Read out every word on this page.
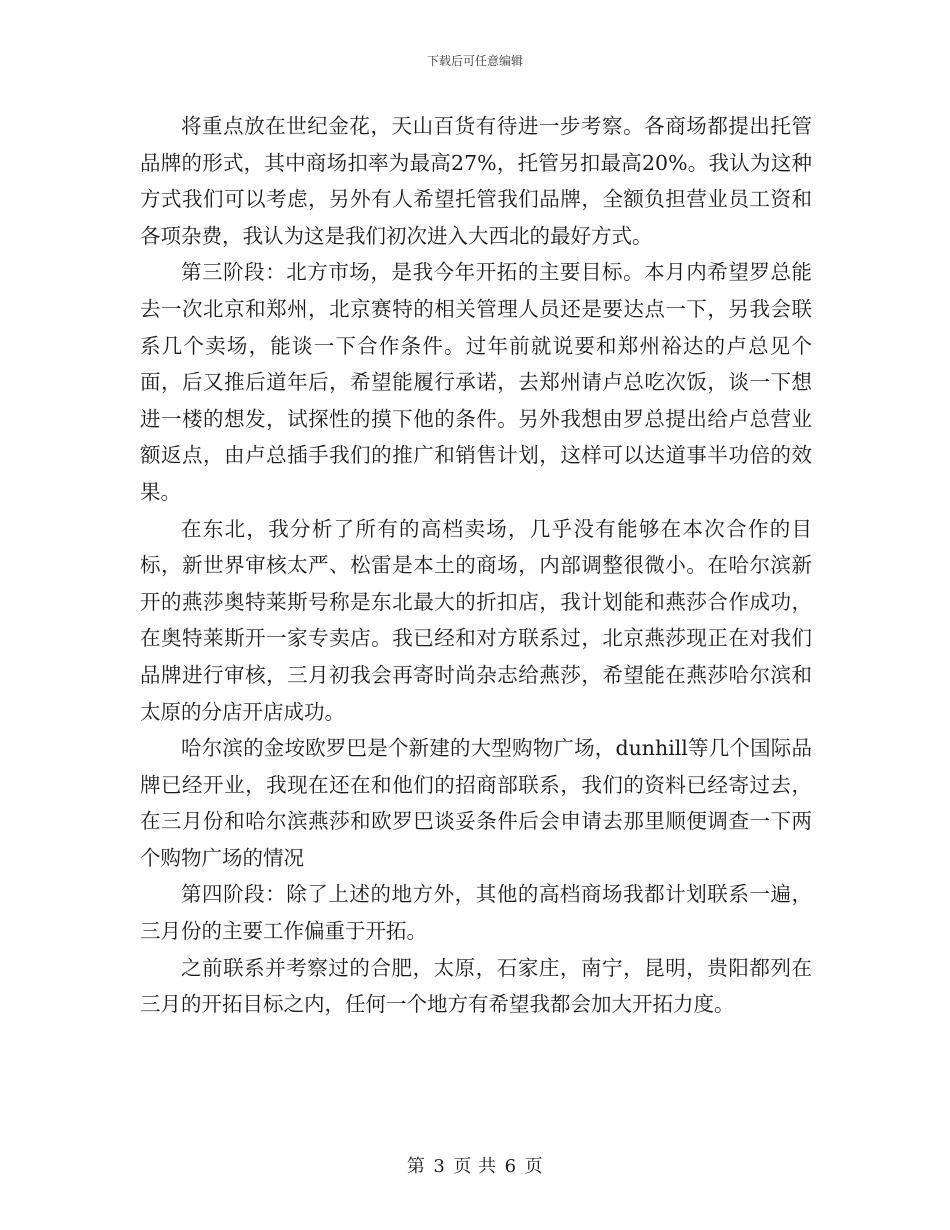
下载后可任意编辑

将重点放在世纪金花，天山百货有待进一步考察。各商场都提出托管品牌的形式，其中商场扣率为最高27%，托管另扣最高20%。我认为这种方式我们可以考虑，另外有人希望托管我们品牌，全额负担营业员工资和各项杂费，我认为这是我们初次进入大西北的最好方式。

第三阶段：北方市场，是我今年开拓的主要目标。本月内希望罗总能去一次北京和郑州，北京赛特的相关管理人员还是要达点一下，另我会联系几个卖场，能谈一下合作条件。过年前就说要和郑州裕达的卢总见个面，后又推后道年后，希望能履行承诺，去郑州请卢总吃次饭，谈一下想进一楼的想发，试探性的摸下他的条件。另外我想由罗总提出给卢总营业额返点，由卢总插手我们的推广和销售计划，这样可以达道事半功倍的效果。

在东北，我分析了所有的高档卖场，几乎没有能够在本次合作的目标，新世界审核太严、松雷是本土的商场，内部调整很微小。在哈尔滨新开的燕莎奥特莱斯号称是东北最大的折扣店，我计划能和燕莎合作成功，在奥特莱斯开一家专卖店。我已经和对方联系过，北京燕莎现正在对我们品牌进行审核，三月初我会再寄时尚杂志给燕莎，希望能在燕莎哈尔滨和太原的分店开店成功。

哈尔滨的金垵欧罗巴是个新建的大型购物广场，dunhill等几个国际品牌已经开业，我现在还在和他们的招商部联系，我们的资料已经寄过去，在三月份和哈尔滨燕莎和欧罗巴谈妥条件后会申请去那里顺便调查一下两个购物广场的情况

第四阶段：除了上述的地方外，其他的高档商场我都计划联系一遍，三月份的主要工作偏重于开拓。

之前联系并考察过的合肥，太原，石家庄，南宁，昆明，贵阳都列在三月的开拓目标之内，任何一个地方有希望我都会加大开拓力度。

第 3 页 共 6 页
